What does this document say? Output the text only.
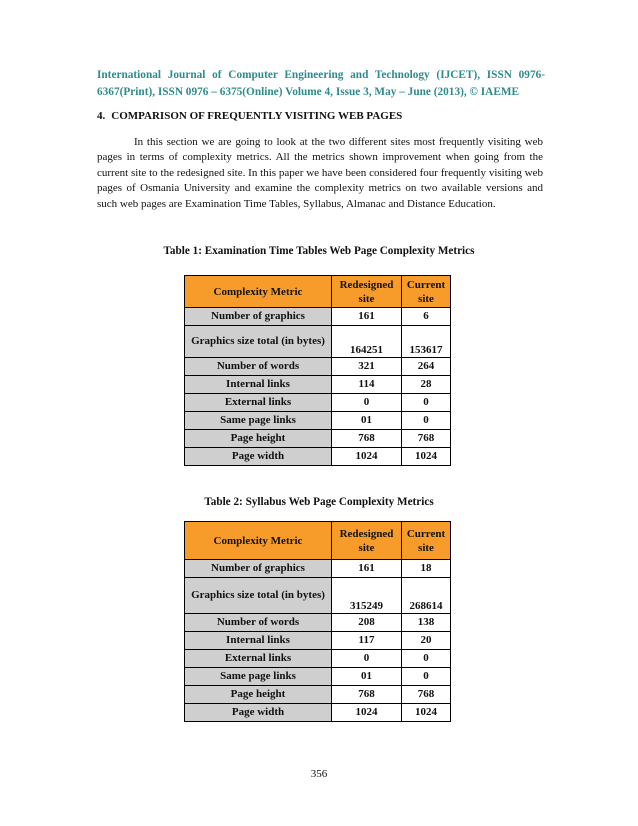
International Journal of Computer Engineering and Technology (IJCET), ISSN 0976-
6367(Print), ISSN 0976 – 6375(Online) Volume 4, Issue 3, May – June (2013), © IAEME
4. COMPARISON OF FREQUENTLY VISITING WEB PAGES

In this section we are going to look at the two different sites most frequently visiting web pages in terms of complexity metrics. All the metrics shown improvement when going from the current site to the redesigned site. In this paper we have been considered four frequently visiting web pages of Osmania University and examine the complexity metrics on two available versions and such web pages are Examination Time Tables, Syllabus, Almanac and Distance Education.

Table 1: Examination Time Tables Web Page Complexity Metrics
Complexity Metric	Redesigned site	Current site
Number of graphics	161	6
Graphics size total (in bytes)	164251	153617
Number of words	321	264
Internal links	114	28
External links	0	0
Same page links	01	0
Page height	768	768
Page width	1024	1024
Table 2: Syllabus Web Page Complexity Metrics
Complexity Metric	Redesigned site	Current site
Number of graphics	161	18
Graphics size total (in bytes)	315249	268614
Number of words	208	138
Internal links	117	20
External links	0	0
Same page links	01	0
Page height	768	768
Page width	1024	1024
356
